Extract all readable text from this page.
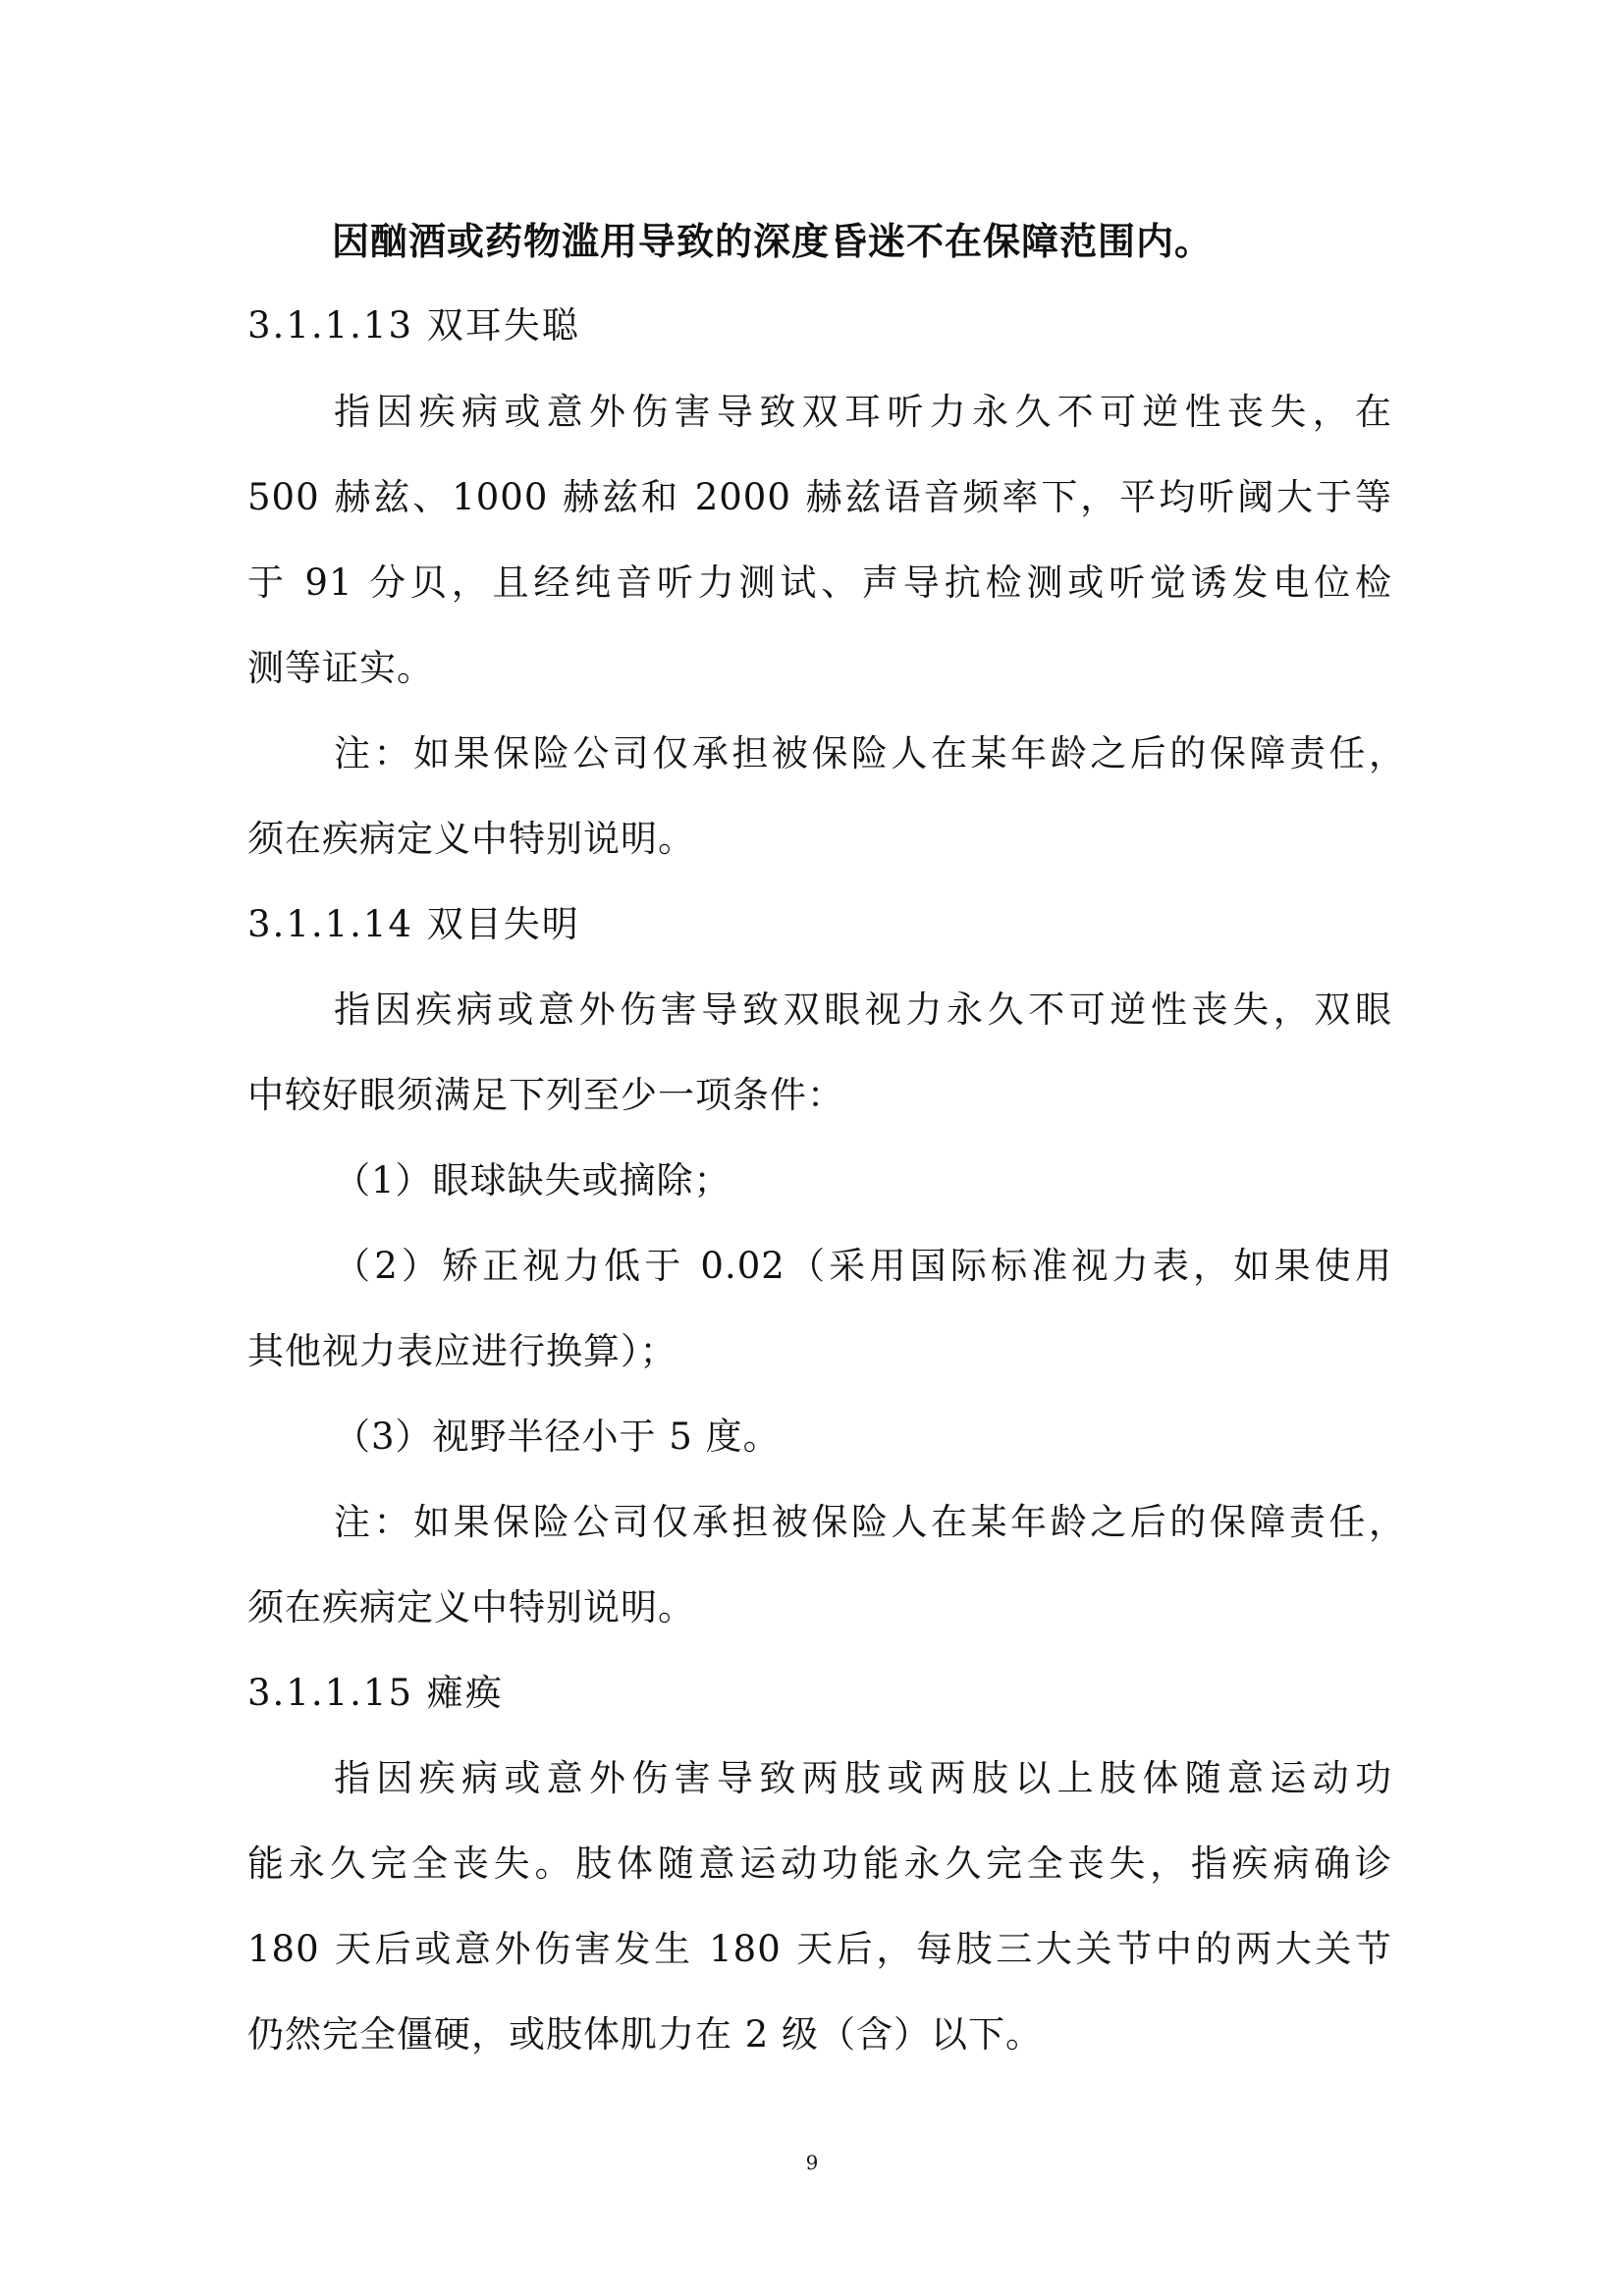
因酗酒或药物滥用导致的深度昏迷不在保障范围内。
3.1.1.13 双耳失聪
指因疾病或意外伤害导致双耳听力永久不可逆性丧失，在
500 赫兹、1000 赫兹和 2000 赫兹语音频率下，平均听阈大于等
于 91 分贝，且经纯音听力测试、声导抗检测或听觉诱发电位检
测等证实。
注：如果保险公司仅承担被保险人在某年龄之后的保障责任，
须在疾病定义中特别说明。
3.1.1.14 双目失明
指因疾病或意外伤害导致双眼视力永久不可逆性丧失，双眼
中较好眼须满足下列至少一项条件：
（1）眼球缺失或摘除；
（2）矫正视力低于 0.02（采用国际标准视力表，如果使用
其他视力表应进行换算）；
（3）视野半径小于 5 度。
注：如果保险公司仅承担被保险人在某年龄之后的保障责任，
须在疾病定义中特别说明。
3.1.1.15 瘫痪
指因疾病或意外伤害导致两肢或两肢以上肢体随意运动功
能永久完全丧失。肢体随意运动功能永久完全丧失，指疾病确诊
180 天后或意外伤害发生 180 天后，每肢三大关节中的两大关节
仍然完全僵硬，或肢体肌力在 2 级（含）以下。
9
